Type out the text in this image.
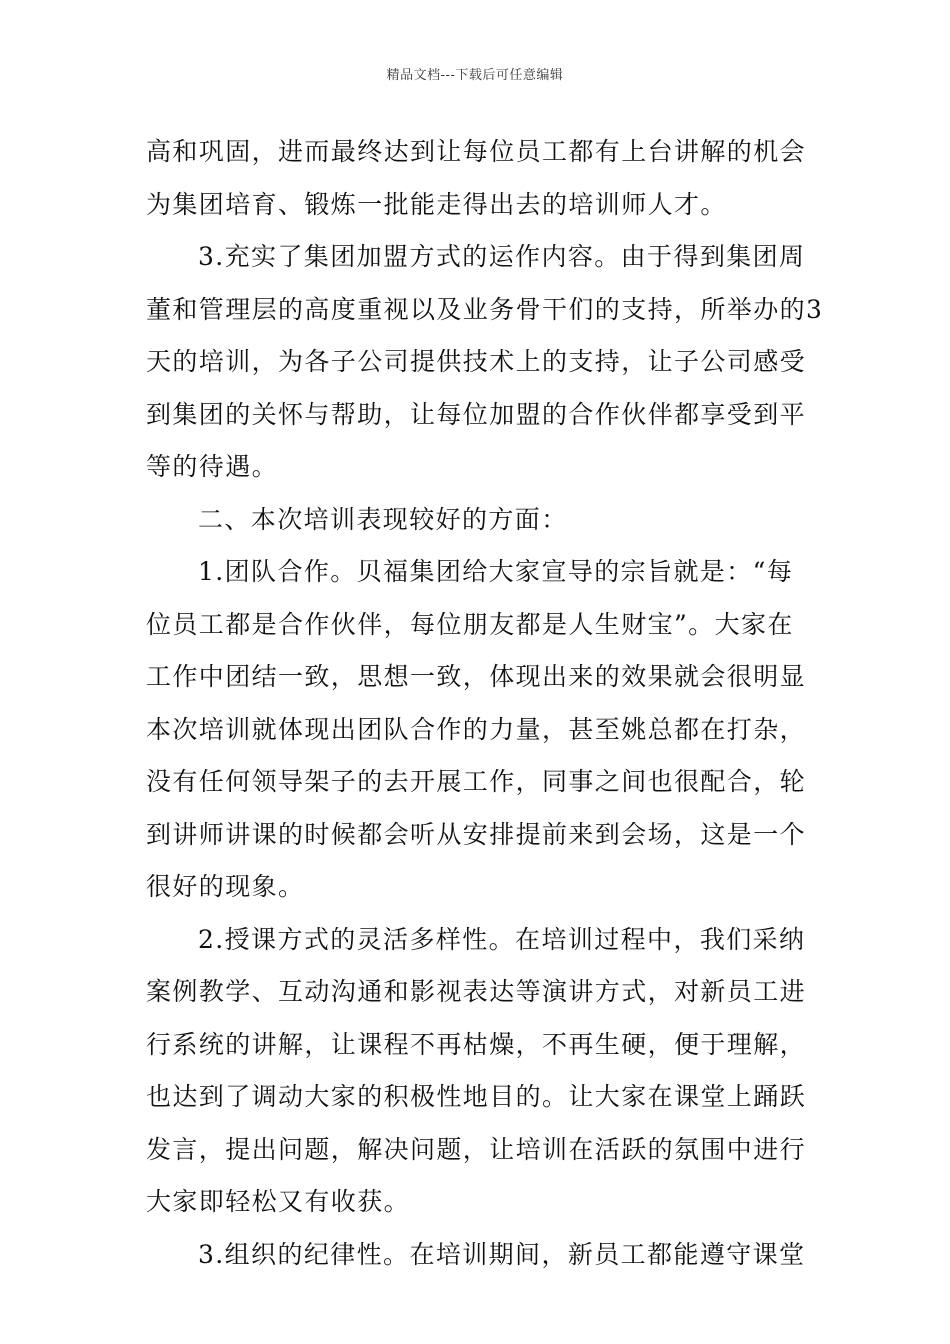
精品文档---下载后可任意编辑
高和巩固，进而最终达到让每位员工都有上台讲解的机会
为集团培育、锻炼一批能走得出去的培训师人才。
3.充实了集团加盟方式的运作内容。由于得到集团周
董和管理层的高度重视以及业务骨干们的支持，所举办的3
天的培训，为各子公司提供技术上的支持，让子公司感受
到集团的关怀与帮助，让每位加盟的合作伙伴都享受到平
等的待遇。
二、本次培训表现较好的方面：
1.团队合作。贝福集团给大家宣导的宗旨就是：“每
位员工都是合作伙伴，每位朋友都是人生财宝”。大家在
工作中团结一致，思想一致，体现出来的效果就会很明显
本次培训就体现出团队合作的力量，甚至姚总都在打杂，
没有任何领导架子的去开展工作，同事之间也很配合，轮
到讲师讲课的时候都会听从安排提前来到会场，这是一个
很好的现象。
2.授课方式的灵活多样性。在培训过程中，我们采纳
案例教学、互动沟通和影视表达等演讲方式，对新员工进
行系统的讲解，让课程不再枯燥，不再生硬，便于理解，
也达到了调动大家的积极性地目的。让大家在课堂上踊跃
发言，提出问题，解决问题，让培训在活跃的氛围中进行
大家即轻松又有收获。
3.组织的纪律性。在培训期间，新员工都能遵守课堂
